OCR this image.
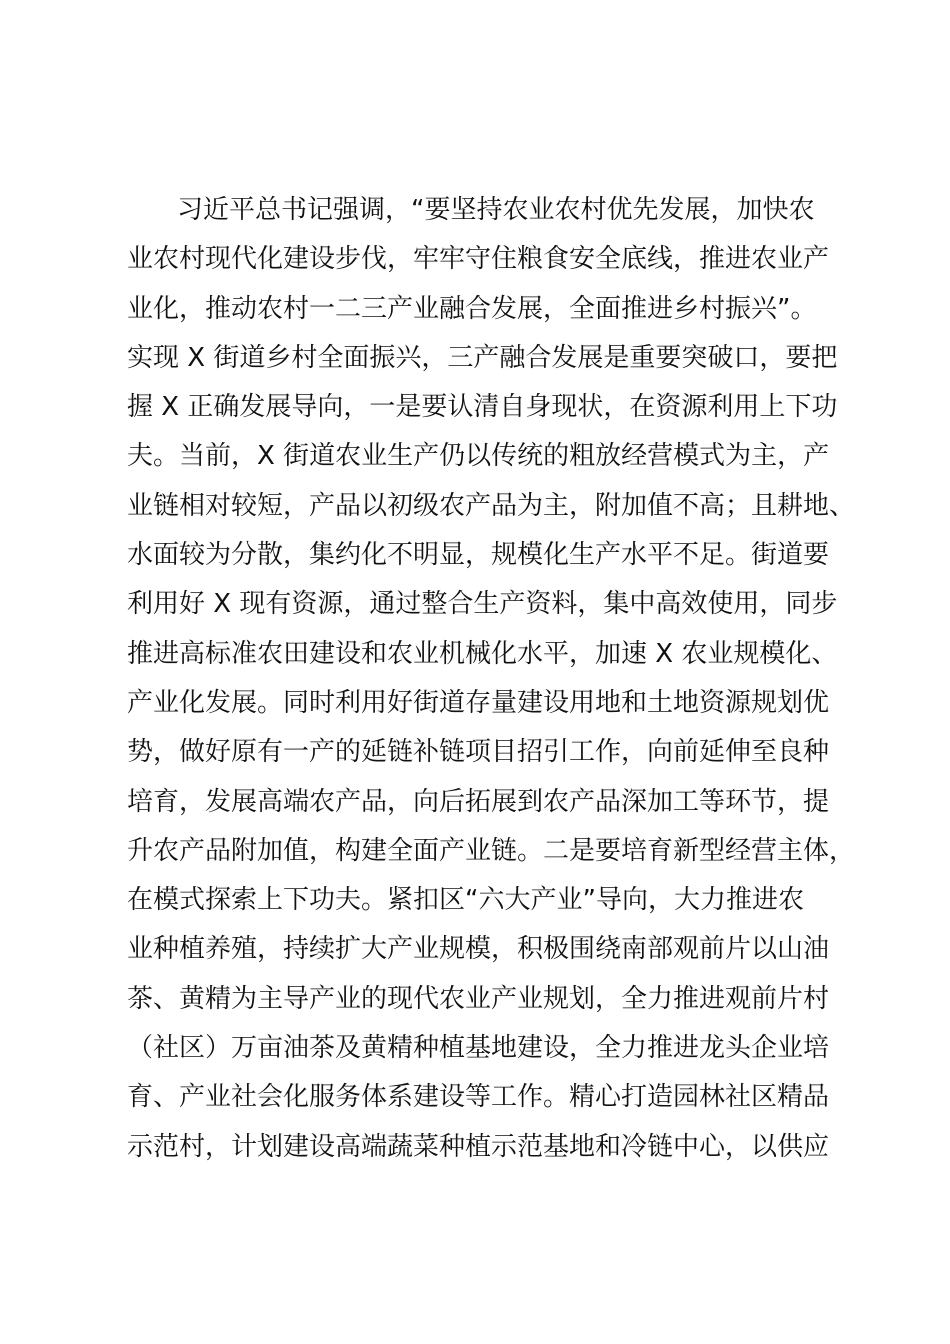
习近平总书记强调，“要坚持农业农村优先发展，加快农
业农村现代化建设步伐，牢牢守住粮食安全底线，推进农业产
业化，推动农村一二三产业融合发展，全面推进乡村振兴”。
实现 X 街道乡村全面振兴，三产融合发展是重要突破口，要把
握 X 正确发展导向，一是要认清自身现状，在资源利用上下功
夫。当前，X 街道农业生产仍以传统的粗放经营模式为主，产
业链相对较短，产品以初级农产品为主，附加值不高；且耕地、
水面较为分散，集约化不明显，规模化生产水平不足。街道要
利用好 X 现有资源，通过整合生产资料，集中高效使用，同步
推进高标准农田建设和农业机械化水平，加速 X 农业规模化、
产业化发展。同时利用好街道存量建设用地和土地资源规划优
势，做好原有一产的延链补链项目招引工作，向前延伸至良种
培育，发展高端农产品，向后拓展到农产品深加工等环节，提
升农产品附加值，构建全面产业链。二是要培育新型经营主体，
在模式探索上下功夫。紧扣区“六大产业”导向，大力推进农
业种植养殖，持续扩大产业规模，积极围绕南部观前片以山油
茶、黄精为主导产业的现代农业产业规划，全力推进观前片村
（社区）万亩油茶及黄精种植基地建设，全力推进龙头企业培
育、产业社会化服务体系建设等工作。精心打造园林社区精品
示范村，计划建设高端蔬菜种植示范基地和冷链中心，以供应
